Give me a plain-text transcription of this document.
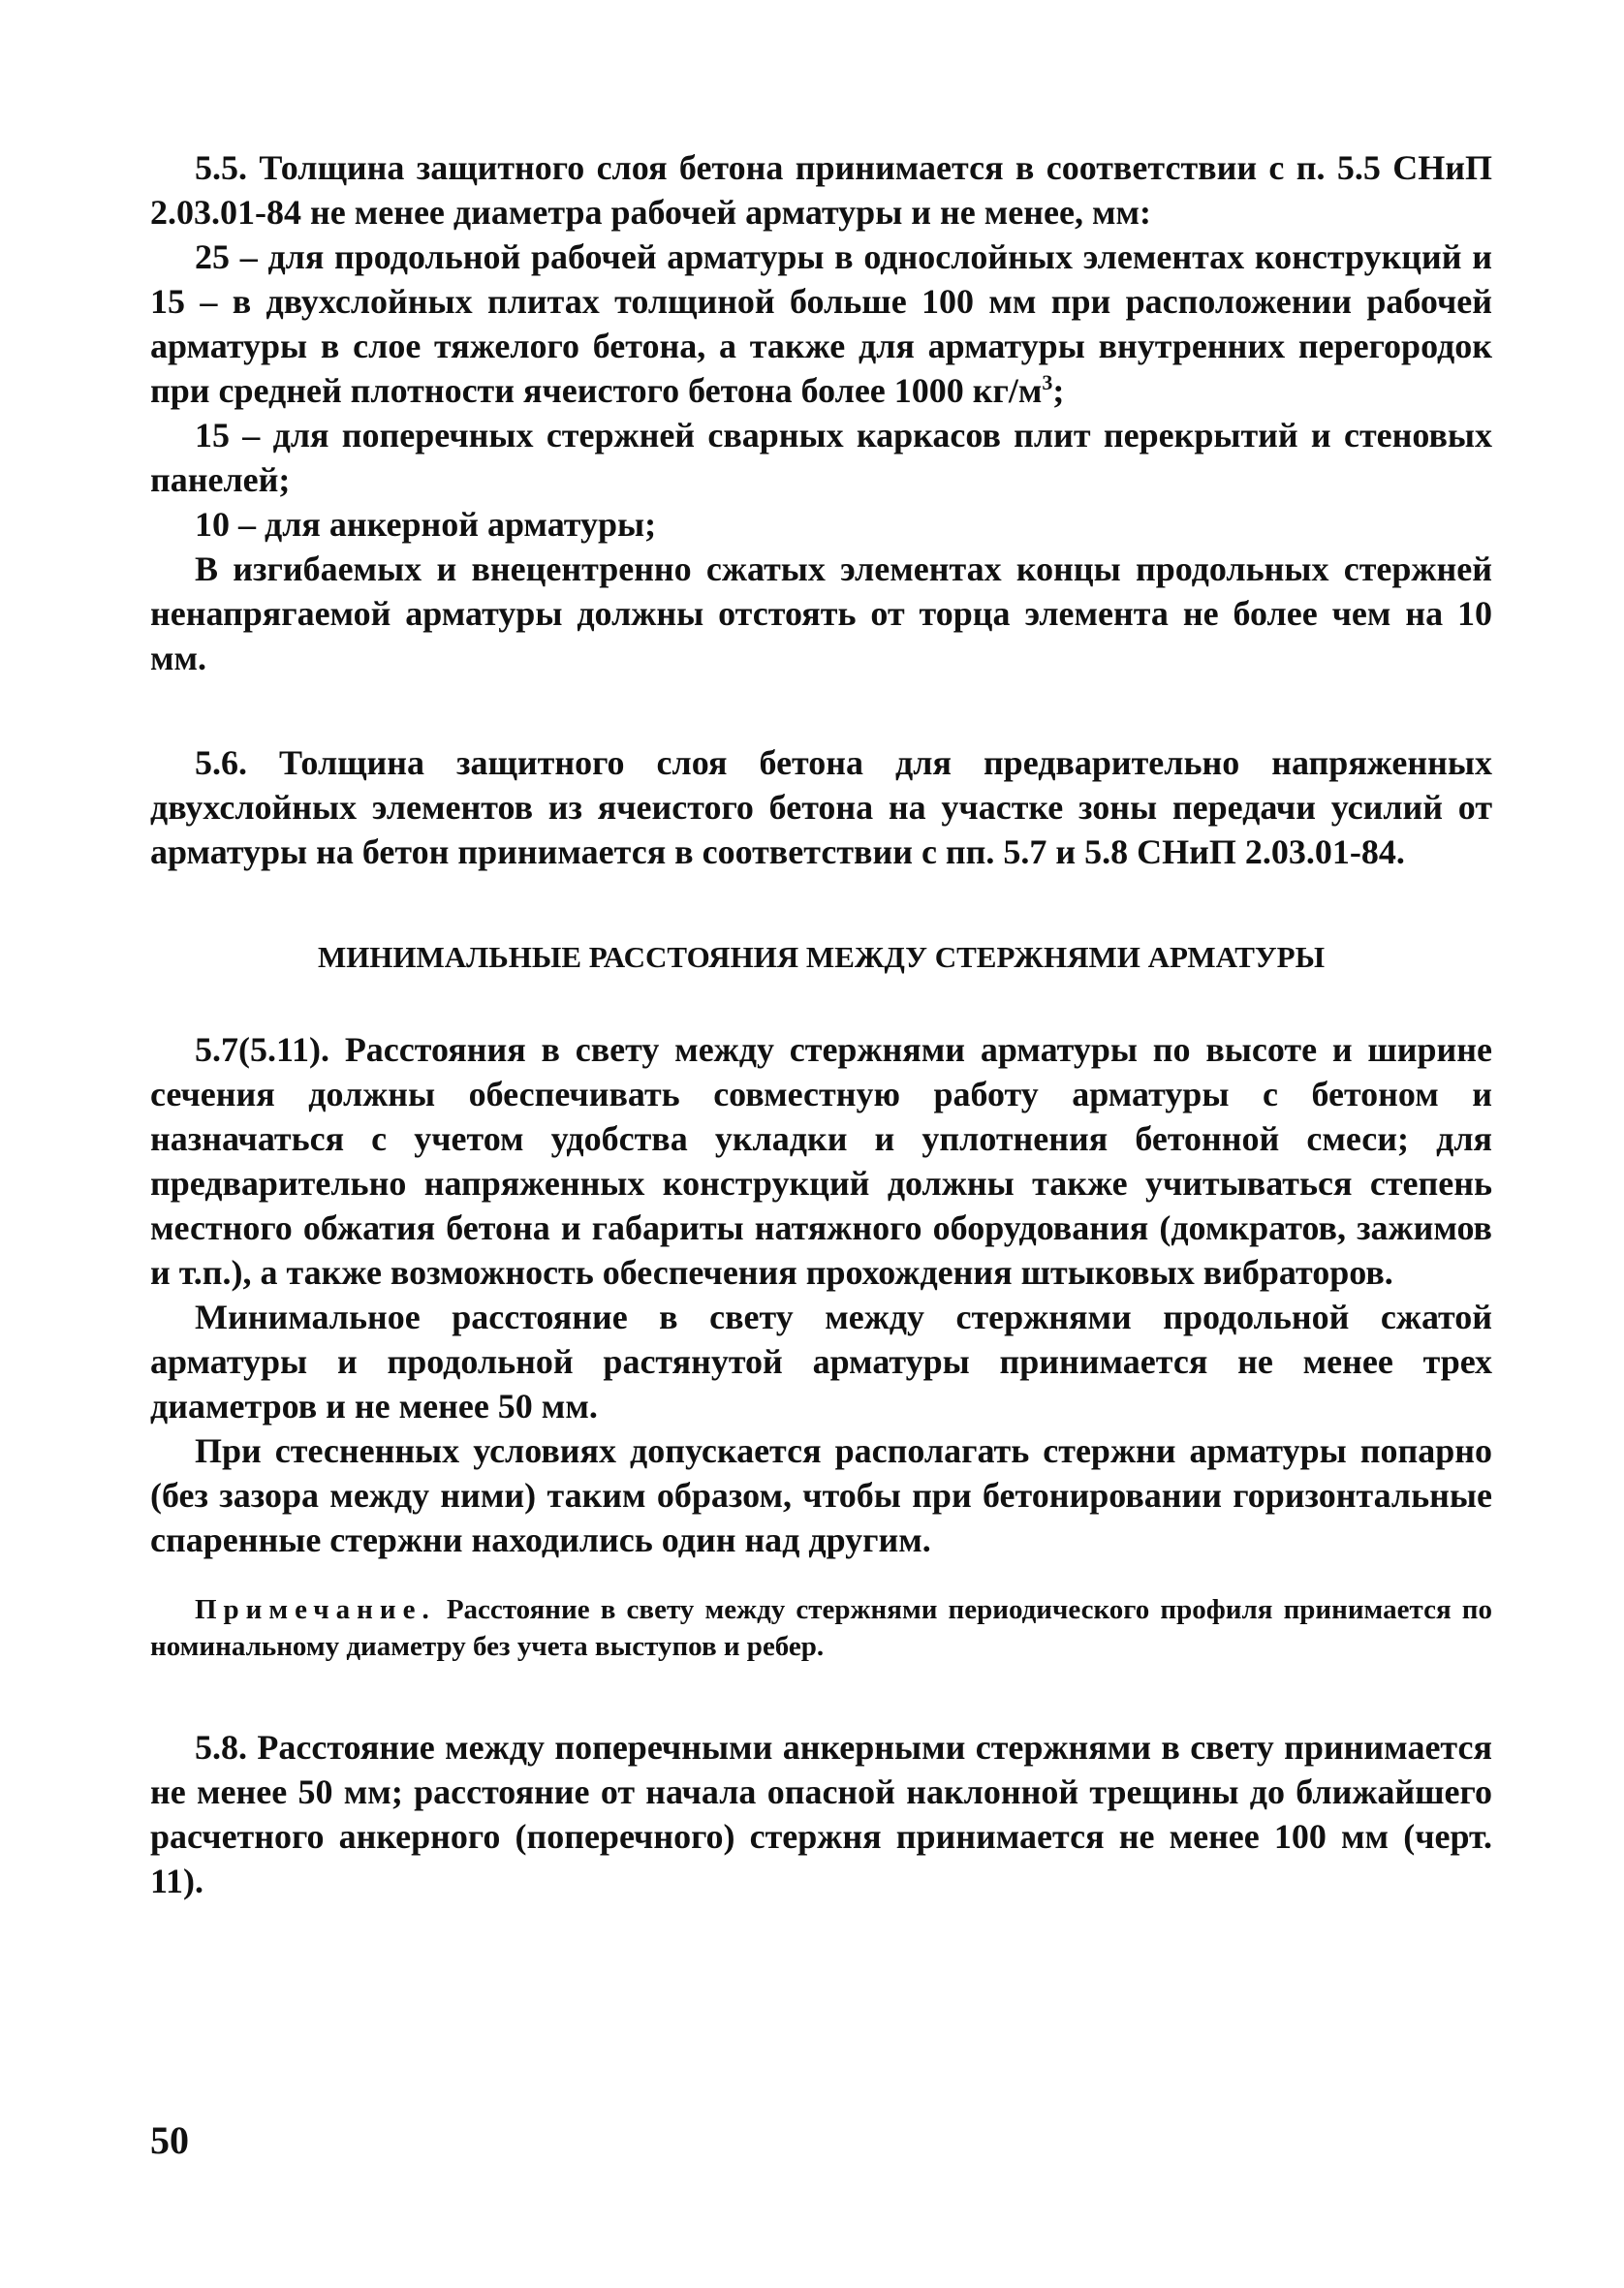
5.5. Толщина защитного слоя бетона принимается в соответствии с п. 5.5 СНиП 2.03.01-84 не менее диаметра рабочей арматуры и не менее, мм:

25 – для продольной рабочей арматуры в однослойных элементах конструкций и 15 – в двухслойных плитах толщиной больше 100 мм при расположении рабочей арматуры в слое тяжелого бетона, а также для арматуры внутренних перегородок при средней плотности ячеистого бетона более 1000 $кг/м^3$;

15 – для поперечных стержней сварных каркасов плит перекрытий и стеновых панелей;

10 – для анкерной арматуры;

В изгибаемых и внецентренно сжатых элементах концы продольных стержней ненапрягаемой арматуры должны отстоять от торца элемента не более чем на 10 мм.

5.6. Толщина защитного слоя бетона для предварительно напряженных двухслойных элементов из ячеистого бетона на участке зоны передачи усилий от арматуры на бетон принимается в соответствии с пп. 5.7 и 5.8 СНиП 2.03.01-84.

МИНИМАЛЬНЫЕ РАССТОЯНИЯ МЕЖДУ СТЕРЖНЯМИ АРМАТУРЫ

5.7(5.11). Расстояния в свету между стержнями арматуры по высоте и ширине сечения должны обеспечивать совместную работу арматуры с бетоном и назначаться с учетом удобства укладки и уплотнения бетонной смеси; для предварительно напряженных конструкций должны также учитываться степень местного обжатия бетона и габариты натяжного оборудования (домкратов, зажимов и т.п.), а также возможность обеспечения прохождения штыковых вибраторов.

Минимальное расстояние в свету между стержнями продольной сжатой арматуры и продольной растянутой арматуры принимается не менее трех диаметров и не менее 50 мм.

При стесненных условиях допускается располагать стержни арматуры попарно (без зазора между ними) таким образом, чтобы при бетонировании горизонтальные спаренные стержни находились один над другим.

Примечание. Расстояние в свету между стержнями периодического профиля принимается по номинальному диаметру без учета выступов и ребер.

5.8. Расстояние между поперечными анкерными стержнями в свету принимается не менее 50 мм; расстояние от начала опасной наклонной трещины до ближайшего расчетного анкерного (поперечного) стержня принимается не менее 100 мм (черт. 11).

50
